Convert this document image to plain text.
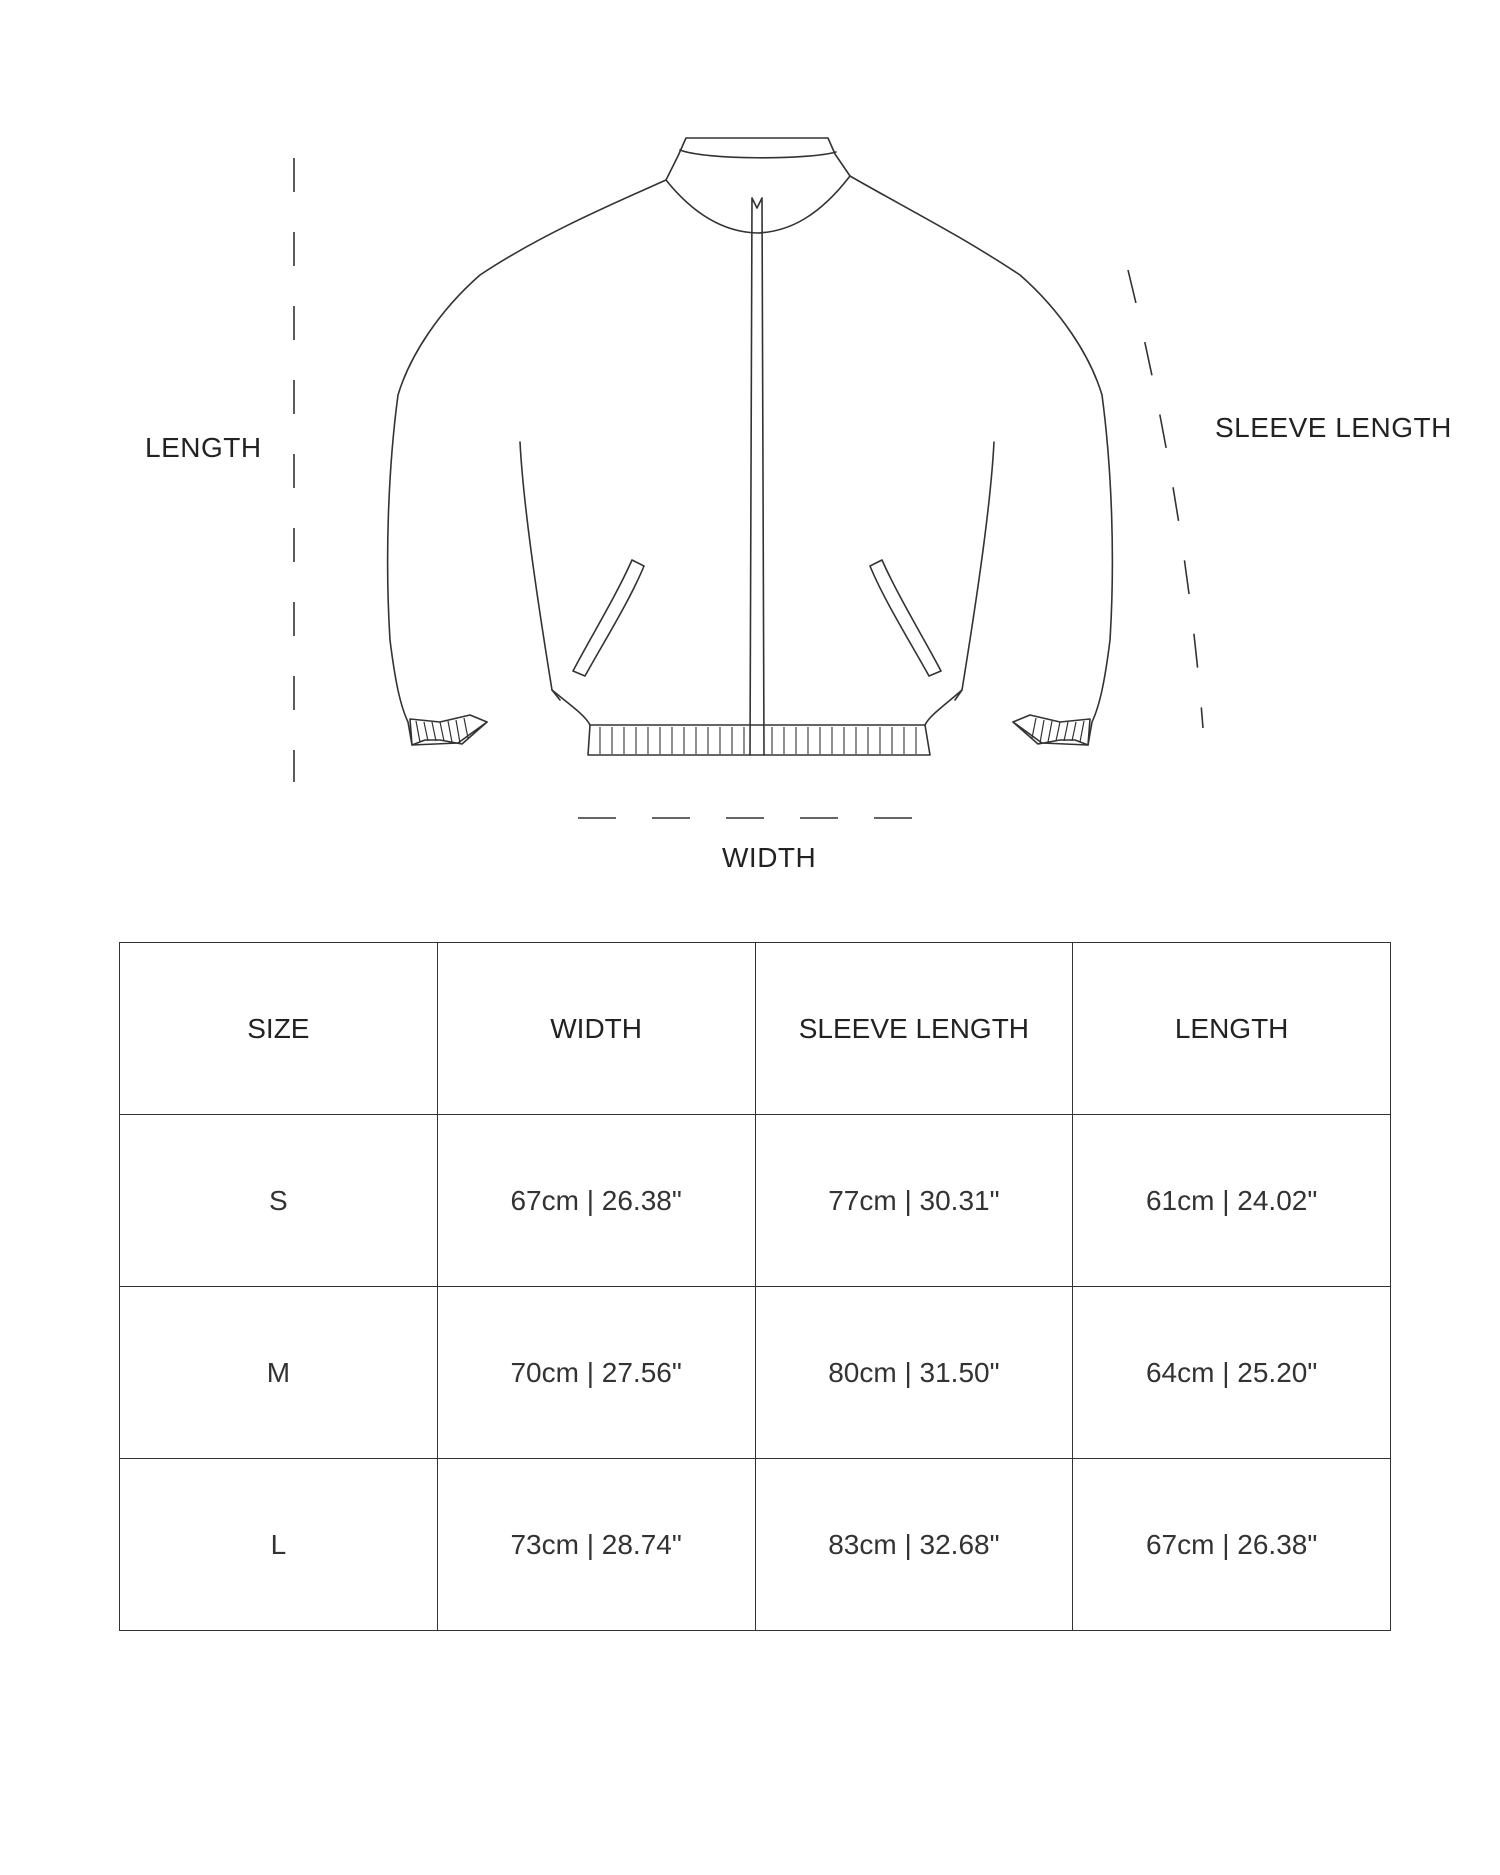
LENGTH
SLEEVE LENGTH
WIDTH
SIZE	WIDTH	SLEEVE LENGTH	LENGTH
S	67cm | 26.38"	77cm | 30.31"	61cm | 24.02"
M	70cm | 27.56"	80cm | 31.50"	64cm | 25.20"
L	73cm | 28.74"	83cm | 32.68"	67cm | 26.38"
